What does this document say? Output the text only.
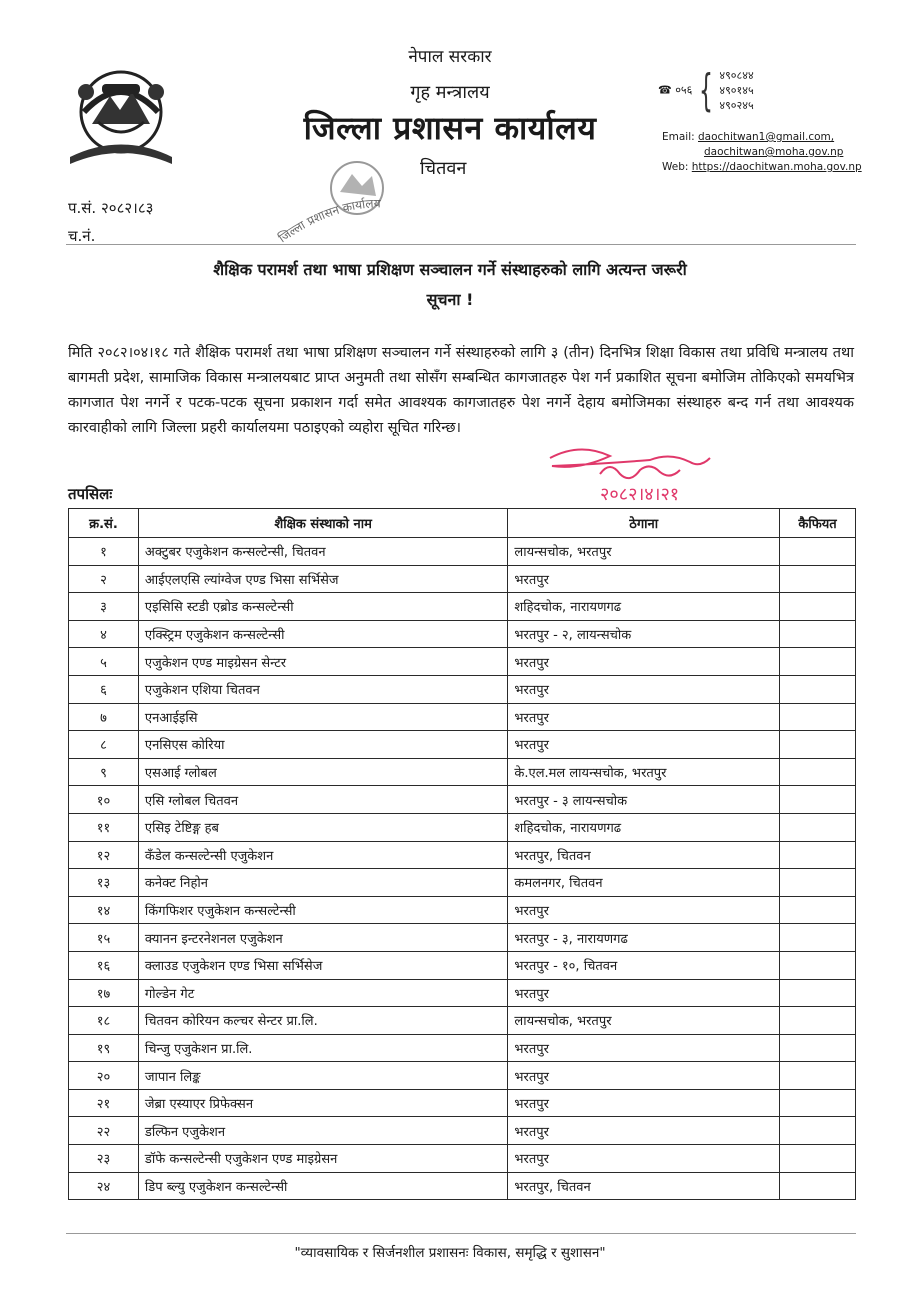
नेपाल सरकार
गृह मन्त्रालय
जिल्ला प्रशासन कार्यालय
चितवन
☎ ०५६ { ४९०८४४
४९०१४५
४९०२४५
Email: daochitwan1@gmail.com,
daochitwan@moha.gov.np
Web: https://daochitwan.moha.gov.np
प.सं. २०८२।८३
च.नं.	जिल्ला प्रशासन कार्यालय
शैक्षिक परामर्श तथा भाषा प्रशिक्षण सञ्चालन गर्ने संस्थाहरुको लागि अत्यन्त जरूरी
सूचना !
मिति २०८२।०४।१८ गते शैक्षिक परामर्श तथा भाषा प्रशिक्षण सञ्चालन गर्ने संस्थाहरुको लागि ३ (तीन) दिनभित्र शिक्षा विकास तथा प्रविधि मन्त्रालय तथा बागमती प्रदेश, सामाजिक विकास मन्त्रालयबाट प्राप्त अनुमती तथा सोसँग सम्बन्धित कागजातहरु पेश गर्न प्रकाशित सूचना बमोजिम तोकिएको समयभित्र कागजात पेश नगर्ने र पटक-पटक सूचना प्रकाशन गर्दा समेत आवश्यक कागजातहरु पेश नगर्ने देहाय बमोजिमका संस्थाहरु बन्द गर्न तथा आवश्यक कारवाहीको लागि जिल्ला प्रहरी कार्यालयमा पठाइएको व्यहोरा सूचित गरिन्छ।
२०८२।४।२१
तपसिलः
क्र.सं.	शैक्षिक संस्थाको नाम	ठेगाना	कैफियत
१	अक्टुबर एजुकेशन कन्सल्टेन्सी, चितवन	लायन्सचोक, भरतपुर	
२	आईएलएसि ल्यांग्वेज एण्ड भिसा सर्भिसेज	भरतपुर	
३	एइसिसि स्टडी एब्रोड कन्सल्टेन्सी	शहिदचोक, नारायणगढ	
४	एक्स्ट्रिम एजुकेशन कन्सल्टेन्सी	भरतपुर - २, लायन्सचोक	
५	एजुकेशन एण्ड माइग्रेसन सेन्टर	भरतपुर	
६	एजुकेशन एशिया चितवन	भरतपुर	
७	एनआईइसि	भरतपुर	
८	एनसिएस कोरिया	भरतपुर	
९	एसआई ग्लोबल	के.एल.मल लायन्सचोक, भरतपुर	
१०	एसि ग्लोबल चितवन	भरतपुर - ३ लायन्सचोक	
११	एसिइ टेष्टिङ्ग हब	शहिदचोक, नारायणगढ	
१२	कँडेल कन्सल्टेन्सी एजुकेशन	भरतपुर, चितवन	
१३	कनेक्ट निहोन	कमलनगर, चितवन	
१४	किंगफिशर एजुकेशन कन्सल्टेन्सी	भरतपुर	
१५	क्यानन इन्टरनेशनल एजुकेशन	भरतपुर - ३, नारायणगढ	
१६	क्लाउड एजुकेशन एण्ड भिसा सर्भिसेज	भरतपुर - १०, चितवन	
१७	गोल्डेन गेट	भरतपुर	
१८	चितवन कोरियन कल्चर सेन्टर प्रा.लि.	लायन्सचोक, भरतपुर	
१९	चिन्जु एजुकेशन प्रा.लि.	भरतपुर	
२०	जापान लिङ्क	भरतपुर	
२१	जेब्रा एस्याएर प्रिफेक्सन	भरतपुर	
२२	डल्फिन एजुकेशन	भरतपुर	
२३	डॉफे कन्सल्टेन्सी एजुकेशन एण्ड माइग्रेसन	भरतपुर	
२४	डिप ब्ल्यु एजुकेशन कन्सल्टेन्सी	भरतपुर, चितवन	
"व्यावसायिक र सिर्जनशील प्रशासनः विकास, समृद्धि र सुशासन"
